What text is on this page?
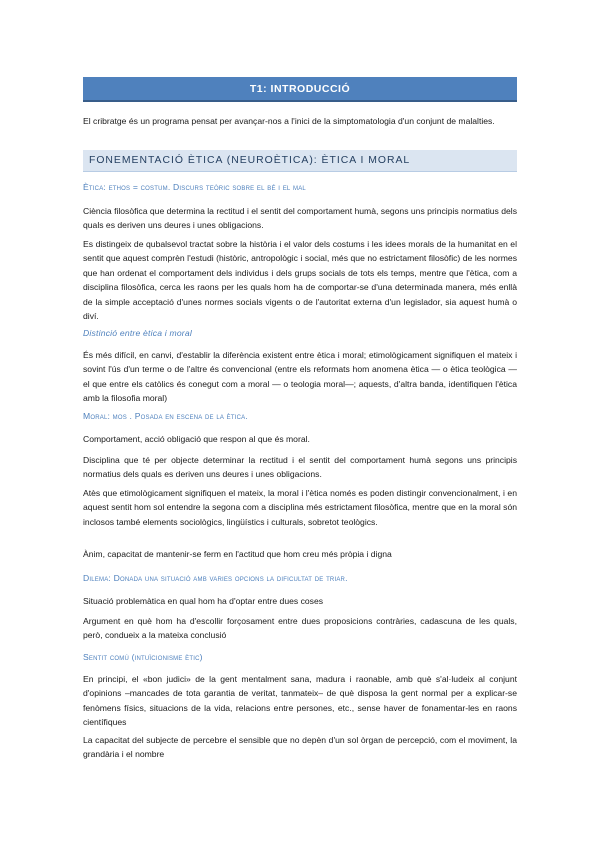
T1: INTRODUCCIÓ
El cribratge és un programa pensat per avançar-nos a l'inici de la simptomatologia d'un conjunt de malalties.
FONEMENTACIÓ ÈTICA (NEUROÈTICA): ÈTICA I MORAL
Ètica: ethos = costum. Discurs teòric sobre el bé i el mal
Ciència filosòfica que determina la rectitud i el sentit del comportament humà, segons uns principis normatius dels quals es deriven uns deures i unes obligacions.
Es distingeix de qubalsevol tractat sobre la història i el valor dels costums i les idees morals de la humanitat en el sentit que aquest comprèn l'estudi (històric, antropològic i social, més que no estrictament filosòfic) de les normes que han ordenat el comportament dels individus i dels grups socials de tots els temps, mentre que l'ètica, com a disciplina filosòfica, cerca les raons per les quals hom ha de comportar-se d'una determinada manera, més enllà de la simple acceptació d'unes normes socials vigents o de l'autoritat externa d'un legislador, sia aquest humà o diví.
Distinció entre ètica i moral
És més difícil, en canvi, d'establir la diferència existent entre ètica i moral; etimològicament signifiquen el mateix i sovint l'ús d'un terme o de l'altre és convencional (entre els reformats hom anomena ètica — o ètica teològica — el que entre els catòlics és conegut com a moral — o teologia moral—; aquests, d'altra banda, identifiquen l'ètica amb la filosofia moral)
Moral: mos . Posada en escena de la ètica.
Comportament, acció obligació que respon al que és moral.
Disciplina que té per objecte determinar la rectitud i el sentit del comportament humà segons uns principis normatius dels quals es deriven uns deures i unes obligacions.
Atès que etimològicament signifiquen el mateix, la moral i l'ètica només es poden distingir convencionalment, i en aquest sentit hom sol entendre la segona com a disciplina més estrictament filosòfica, mentre que en la moral són inclosos també elements sociològics, lingüístics i culturals, sobretot teològics.
Ànim, capacitat de mantenir-se ferm en l'actitud que hom creu més pròpia i digna
Dilema: Donada una situació amb varies opcions la dificultat de triar.
Situació problemàtica en qual hom ha d'optar entre dues coses
Argument en què hom ha d'escollir forçosament entre dues proposicions contràries, cadascuna de les quals, però, condueix a la mateixa conclusió
Sentit comú (intuïcionisme ètic)
En principi, el «bon judici» de la gent mentalment sana, madura i raonable, amb què s'al·ludeix al conjunt d'opinions –mancades de tota garantia de veritat, tanmateix– de què disposa la gent normal per a explicar-se fenòmens físics, situacions de la vida, relacions entre persones, etc., sense haver de fonamentar-les en raons científiques
La capacitat del subjecte de percebre el sensible que no depèn d'un sol òrgan de percepció, com el moviment, la grandària i el nombre
